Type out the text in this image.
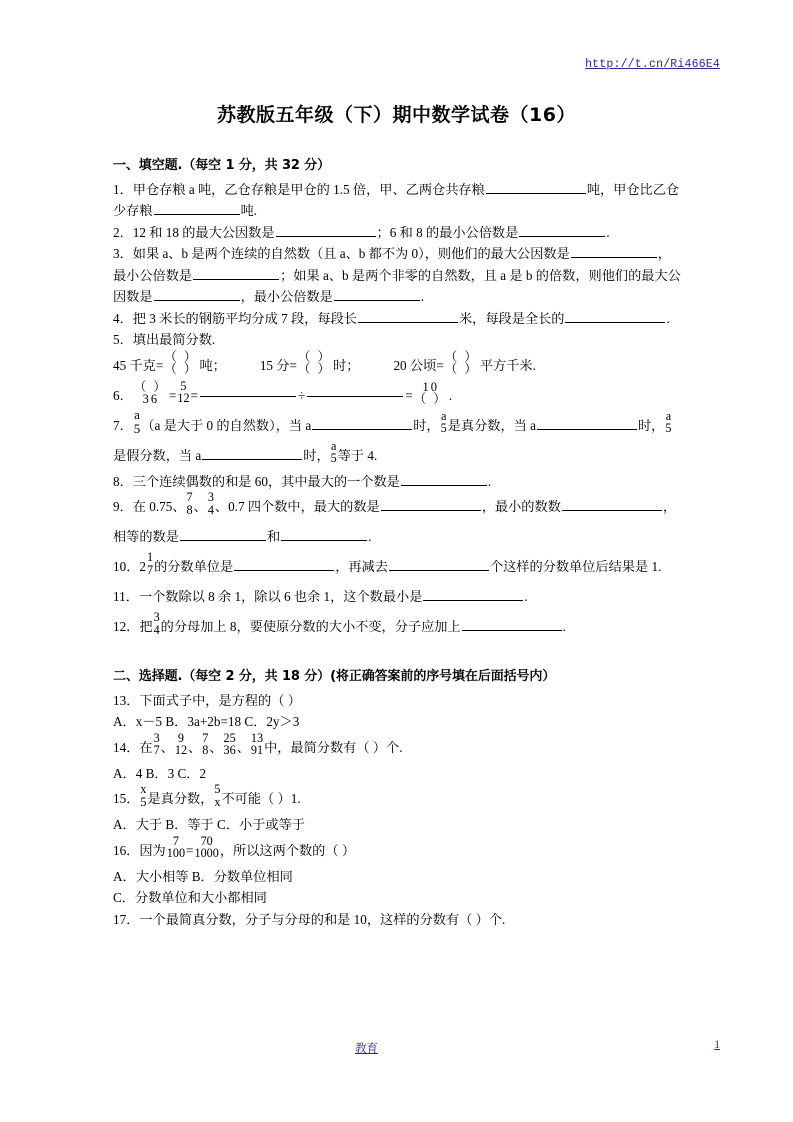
http://t.cn/Ri466E4
苏教版五年级（下）期中数学试卷（16）
一、填空题.（每空 1 分，共 32 分）

1．甲仓存粮 a 吨，乙仓存粮是甲仓的 1.5 倍，甲、乙两仓共存粮	吨，甲仓比乙仓少存粮	吨.

2．12 和 18 的最大公因数是	；6 和 8 的最小公倍数是	.

3．如果 a、b 是两个连续的自然数（且 a、b 都不为 0），则他们的最大公因数是	，最小公倍数是	；如果 a、b 是两个非零的自然数，且 a 是 b 的倍数，则他们的最大公因数是	，最小公倍数是	.

4．把 3 米长的钢筋平均分成 7 段，每段长	米，每段是全长的	.

5．填出最简分数.

45 千克=
（ ）
（ ） 吨；	15 分=
（ ）
（ ） 时；	20 公顷=
（ ）
（ ） 平方千米.

6．
（ ）
36 =
5
12 =	÷	=
10
（ ） .

7．
a
5 （a 是大于 0 的自然数），当 a	时，
a
5 是真分数，当 a	时，
a
5
是假分数，当 a	时，
a
5 等于 4.

8．三个连续偶数的和是 60，其中最大的一个数是	.

9．在 0.75、
7
8 、
3
4 、0.7 四个数中，最大的数是	，最小的数数	，相等的数是	和	.

10．2
1
7 的分数单位是	，再减去	个这样的分数单位后结果是 1.

11．一个数除以 8 余 1，除以 6 也余 1，这个数最小是	.

12．把
3
4 的分母加上 8，要使原分数的大小不变，分子应加上	.

二、选择题.（每空 2 分，共 18 分）(将正确答案前的序号填在后面括号内）

13．下面式子中，是方程的（ ）

A．x－5 B．3a+2b=18 C．2y＞3

14．在
3
7 、
9
12 、
7
8 、
25
36 、
13
91 中，最简分数有（ ）个.

A．4 B．3 C．2

15．
x
5 是真分数，
5
x 不可能（ ）1.

A．大于 B．等于 C．小于或等于

16．因为
7
100 =
70
1000 ，所以这两个数的（ ）

A．大小相等 B．分数单位相同

C．分数单位和大小都相同

17．一个最简真分数，分子与分母的和是 10，这样的分数有（ ）个.

教育	1
